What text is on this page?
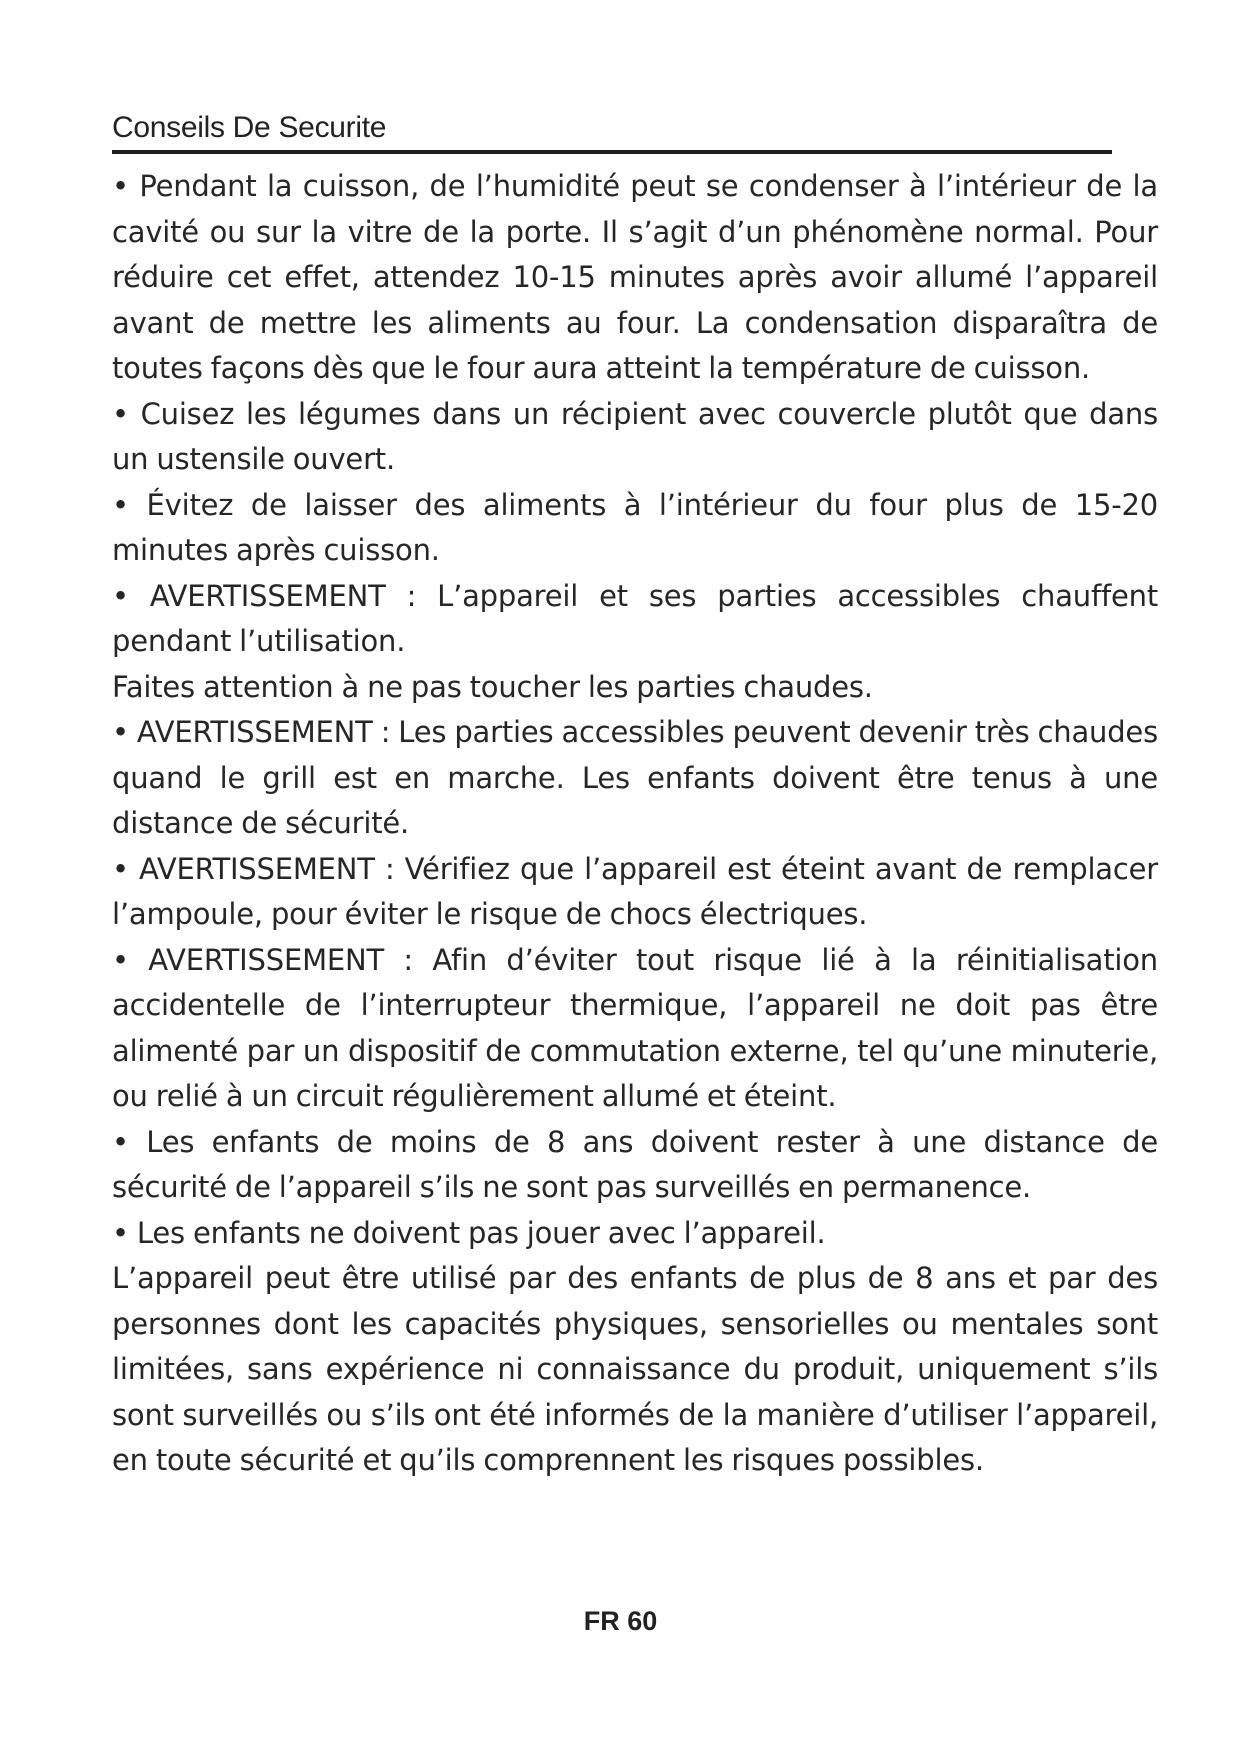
Conseils De Securite

• Pendant la cuisson, de l’humidité peut se condenser à l’intérieur de la cavité ou sur la vitre de la porte. Il s’agit d’un phénomène normal. Pour réduire cet effet, attendez 10-15 minutes après avoir allumé l’appareil avant de mettre les aliments au four. La condensation disparaîtra de toutes façons dès que le four aura atteint la température de cuisson.

• Cuisez les légumes dans un récipient avec couvercle plutôt que dans un ustensile ouvert.

• Évitez de laisser des aliments à l’intérieur du four plus de 15-20 minutes après cuisson.

• AVERTISSEMENT : L’appareil et ses parties accessibles chauffent pendant l’utilisation.

Faites attention à ne pas toucher les parties chaudes.

• AVERTISSEMENT : Les parties accessibles peuvent devenir très chaudes quand le grill est en marche. Les enfants doivent être tenus à une distance de sécurité.

• AVERTISSEMENT : Vérifiez que l’appareil est éteint avant de remplacer l’ampoule, pour éviter le risque de chocs électriques.

• AVERTISSEMENT : Afin d’éviter tout risque lié à la réinitialisation accidentelle de l’interrupteur thermique, l’appareil ne doit pas être alimenté par un dispositif de commutation externe, tel qu’une minuterie, ou relié à un circuit régulièrement allumé et éteint.

• Les enfants de moins de 8 ans doivent rester à une distance de sécurité de l’appareil s’ils ne sont pas surveillés en permanence.

• Les enfants ne doivent pas jouer avec l’appareil.

L’appareil peut être utilisé par des enfants de plus de 8 ans et par des personnes dont les capacités physiques, sensorielles ou mentales sont limitées, sans expérience ni connaissance du produit, uniquement s’ils sont surveillés ou s’ils ont été informés de la manière d’utiliser l’appareil, en toute sécurité et qu’ils comprennent les risques possibles.

FR 60
